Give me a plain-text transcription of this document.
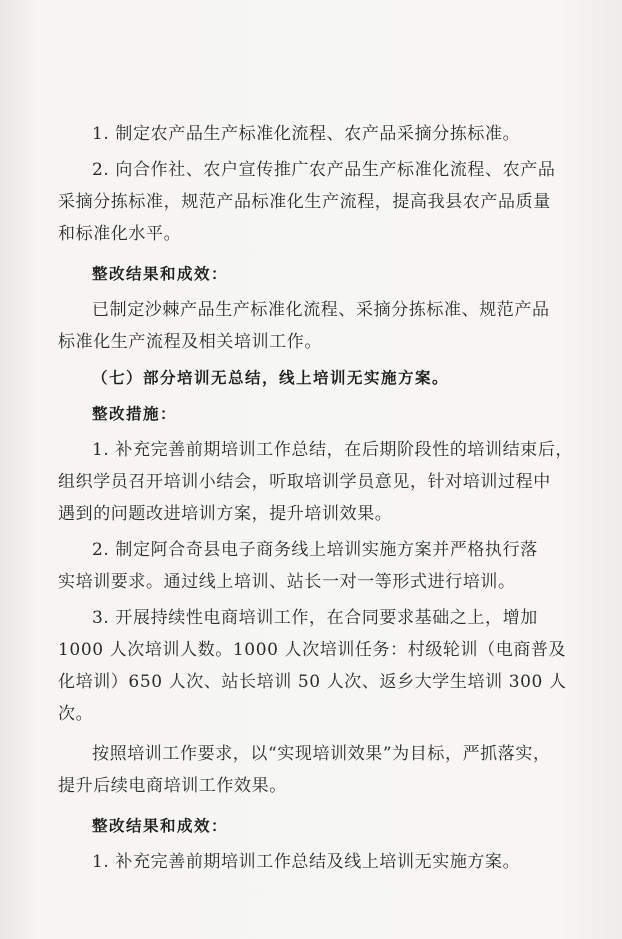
1. 制定农产品生产标准化流程、农产品采摘分拣标准。

2. 向合作社、农户宣传推广农产品生产标准化流程、农产品

采摘分拣标准，规范产品标准化生产流程，提高我县农产品质量

和标准化水平。

整改结果和成效：

已制定沙棘产品生产标准化流程、采摘分拣标准、规范产品

标准化生产流程及相关培训工作。

（七）部分培训无总结，线上培训无实施方案。

整改措施：

1. 补充完善前期培训工作总结，在后期阶段性的培训结束后，

组织学员召开培训小结会，听取培训学员意见，针对培训过程中

遇到的问题改进培训方案，提升培训效果。

2. 制定阿合奇县电子商务线上培训实施方案并严格执行落

实培训要求。通过线上培训、站长一对一等形式进行培训。

3. 开展持续性电商培训工作，在合同要求基础之上，增加

1000 人次培训人数。1000 人次培训任务：村级轮训（电商普及

化培训）650 人次、站长培训 50 人次、返乡大学生培训 300 人

次。

按照培训工作要求，以“实现培训效果”为目标，严抓落实，

提升后续电商培训工作效果。

整改结果和成效：

1. 补充完善前期培训工作总结及线上培训无实施方案。
